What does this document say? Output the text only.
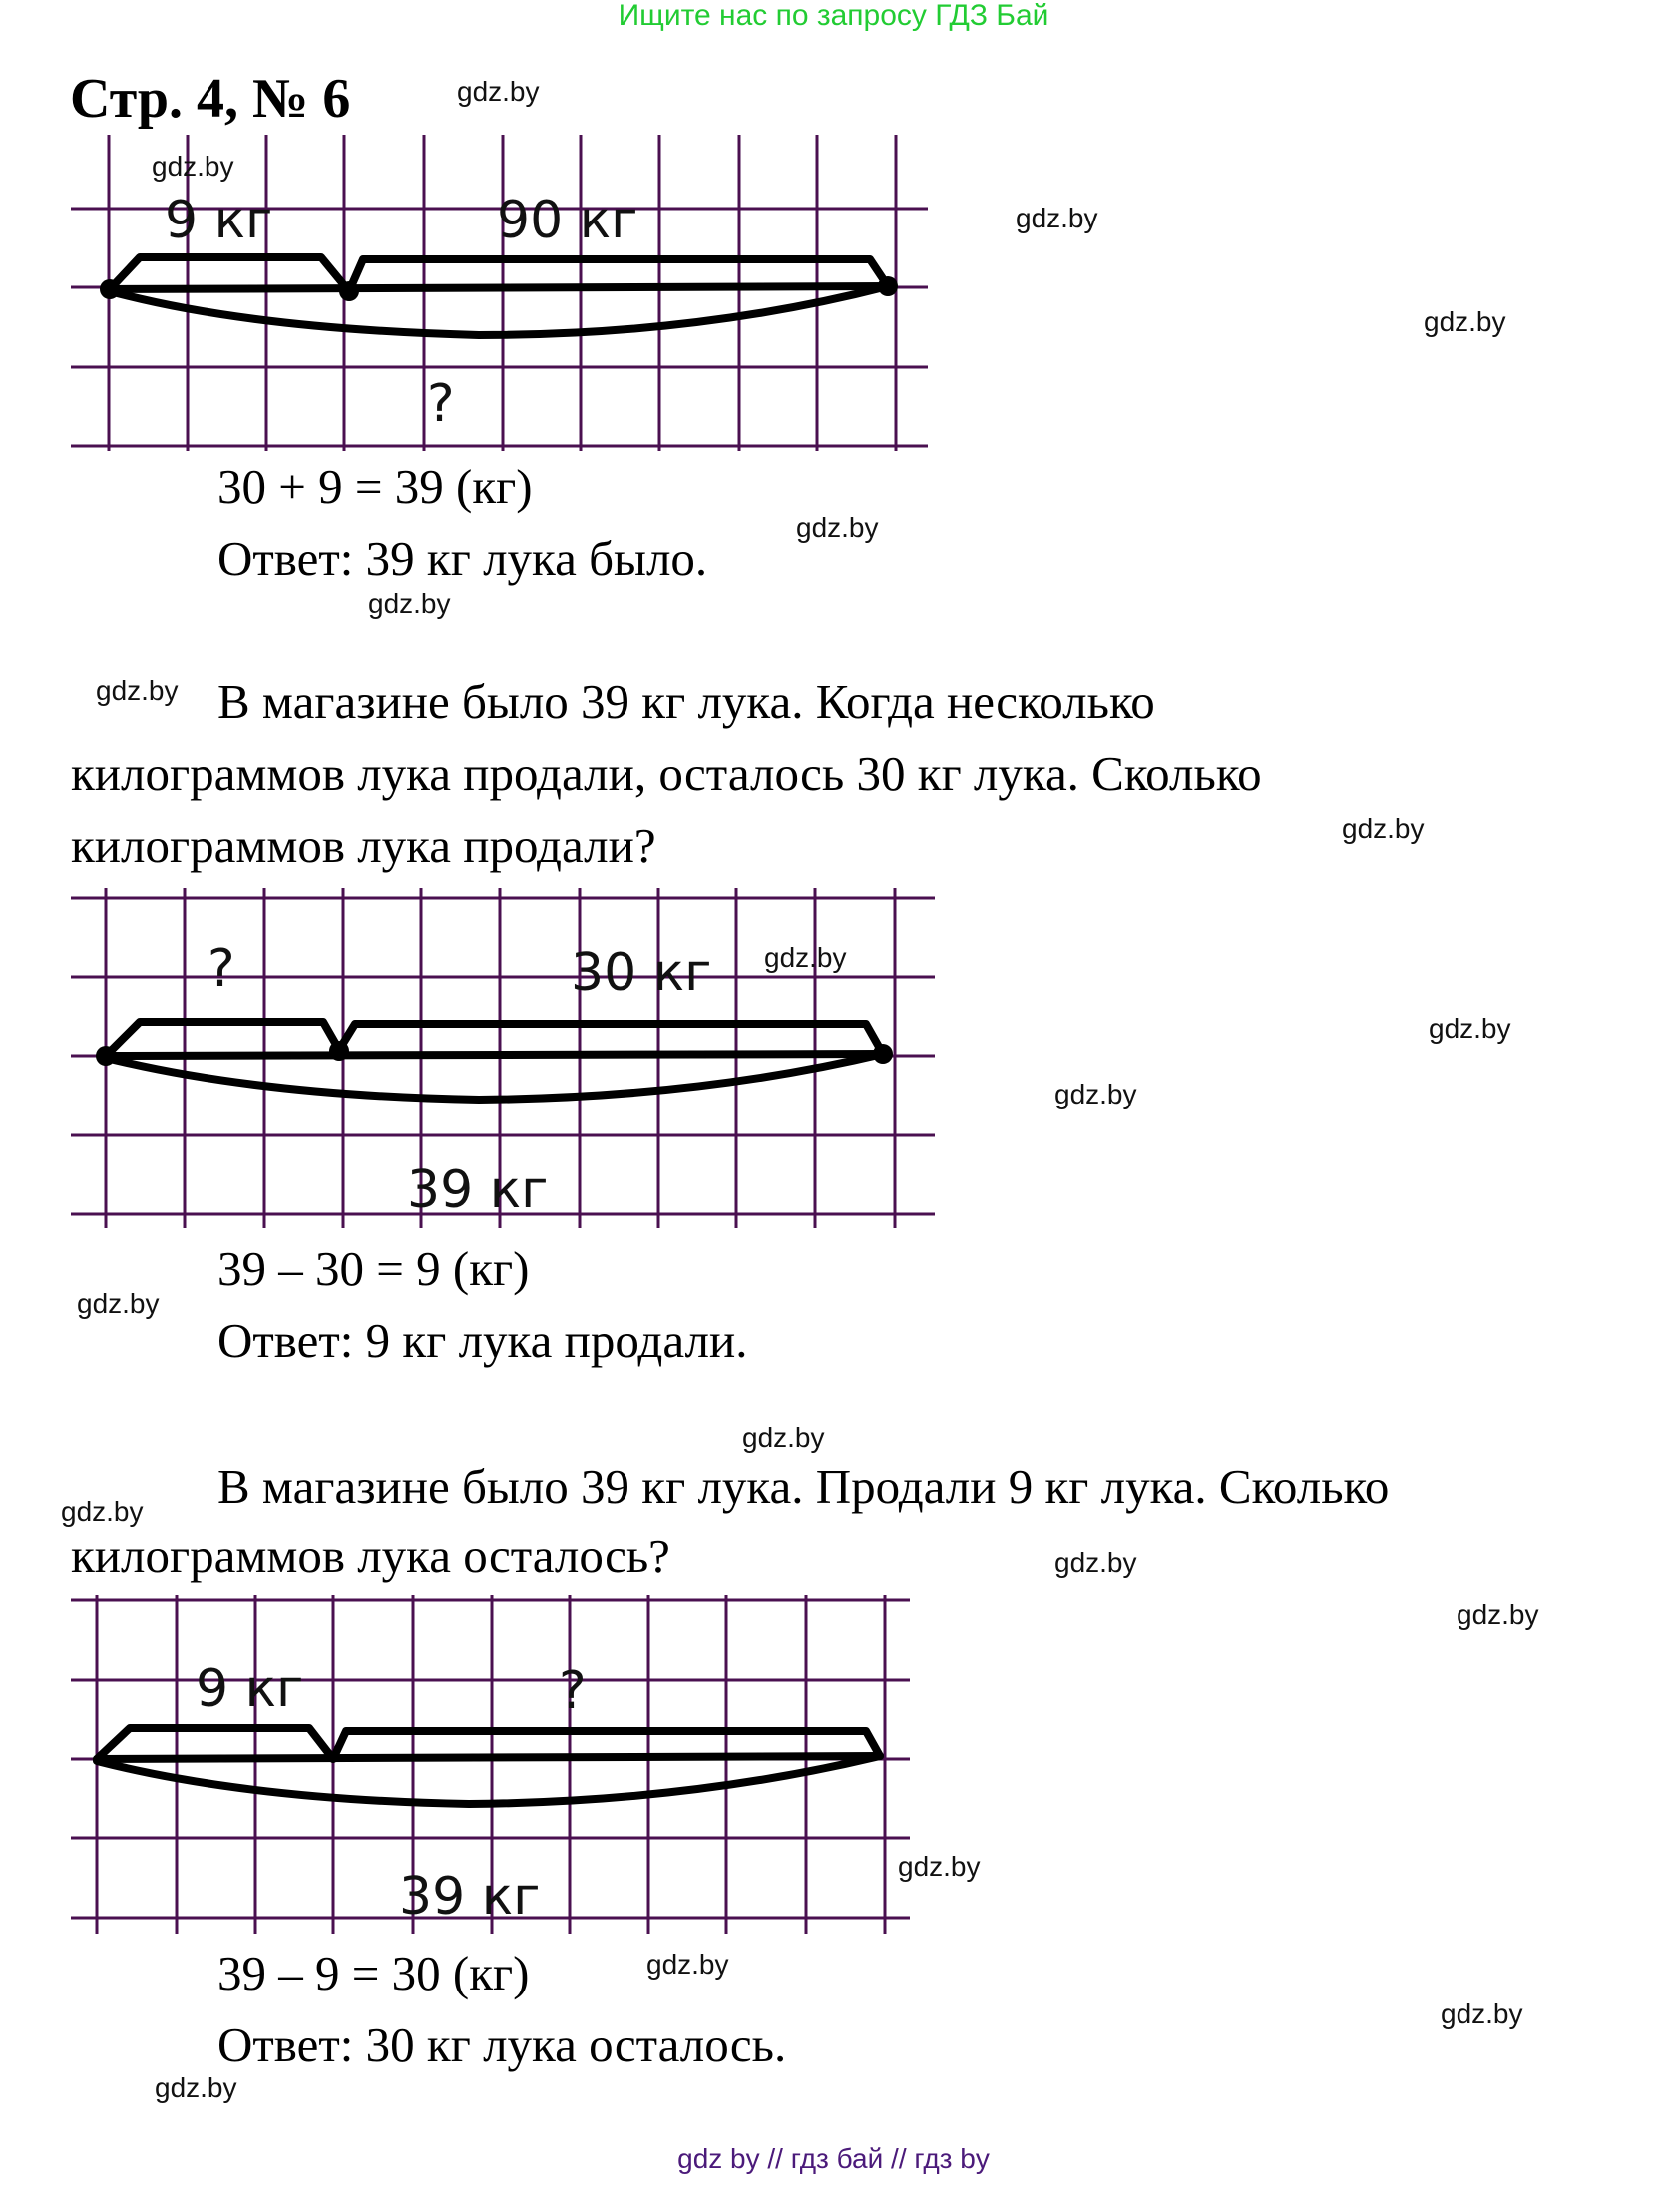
Ищите нас по запросу ГДЗ Бай
Стр. 4, № 6
9 кг	90 кг
?
30 + 9 = 39 (кг)
Ответ: 39 кг лука было.
В магазине было 39 кг лука. Когда несколько
килограммов лука продали, осталось 30 кг лука. Сколько
килограммов лука продали?
?	30 кг
39 кг
39 – 30 = 9 (кг)
Ответ: 9 кг лука продали.
В магазине было 39 кг лука. Продали 9 кг лука. Сколько
килограммов лука осталось?
9 кг	?
39 кг
39 – 9 = 30 (кг)
Ответ: 30 кг лука осталось.
gdz.by
gdz.by
gdz.by
gdz.by
gdz.by
gdz.by
gdz.by
gdz.by
gdz.by
gdz.by
gdz.by
gdz.by
gdz.by
gdz.by
gdz.by
gdz.by
gdz.by
gdz.by
gdz.by
gdz.by
gdz by // гдз бай // гдз by
